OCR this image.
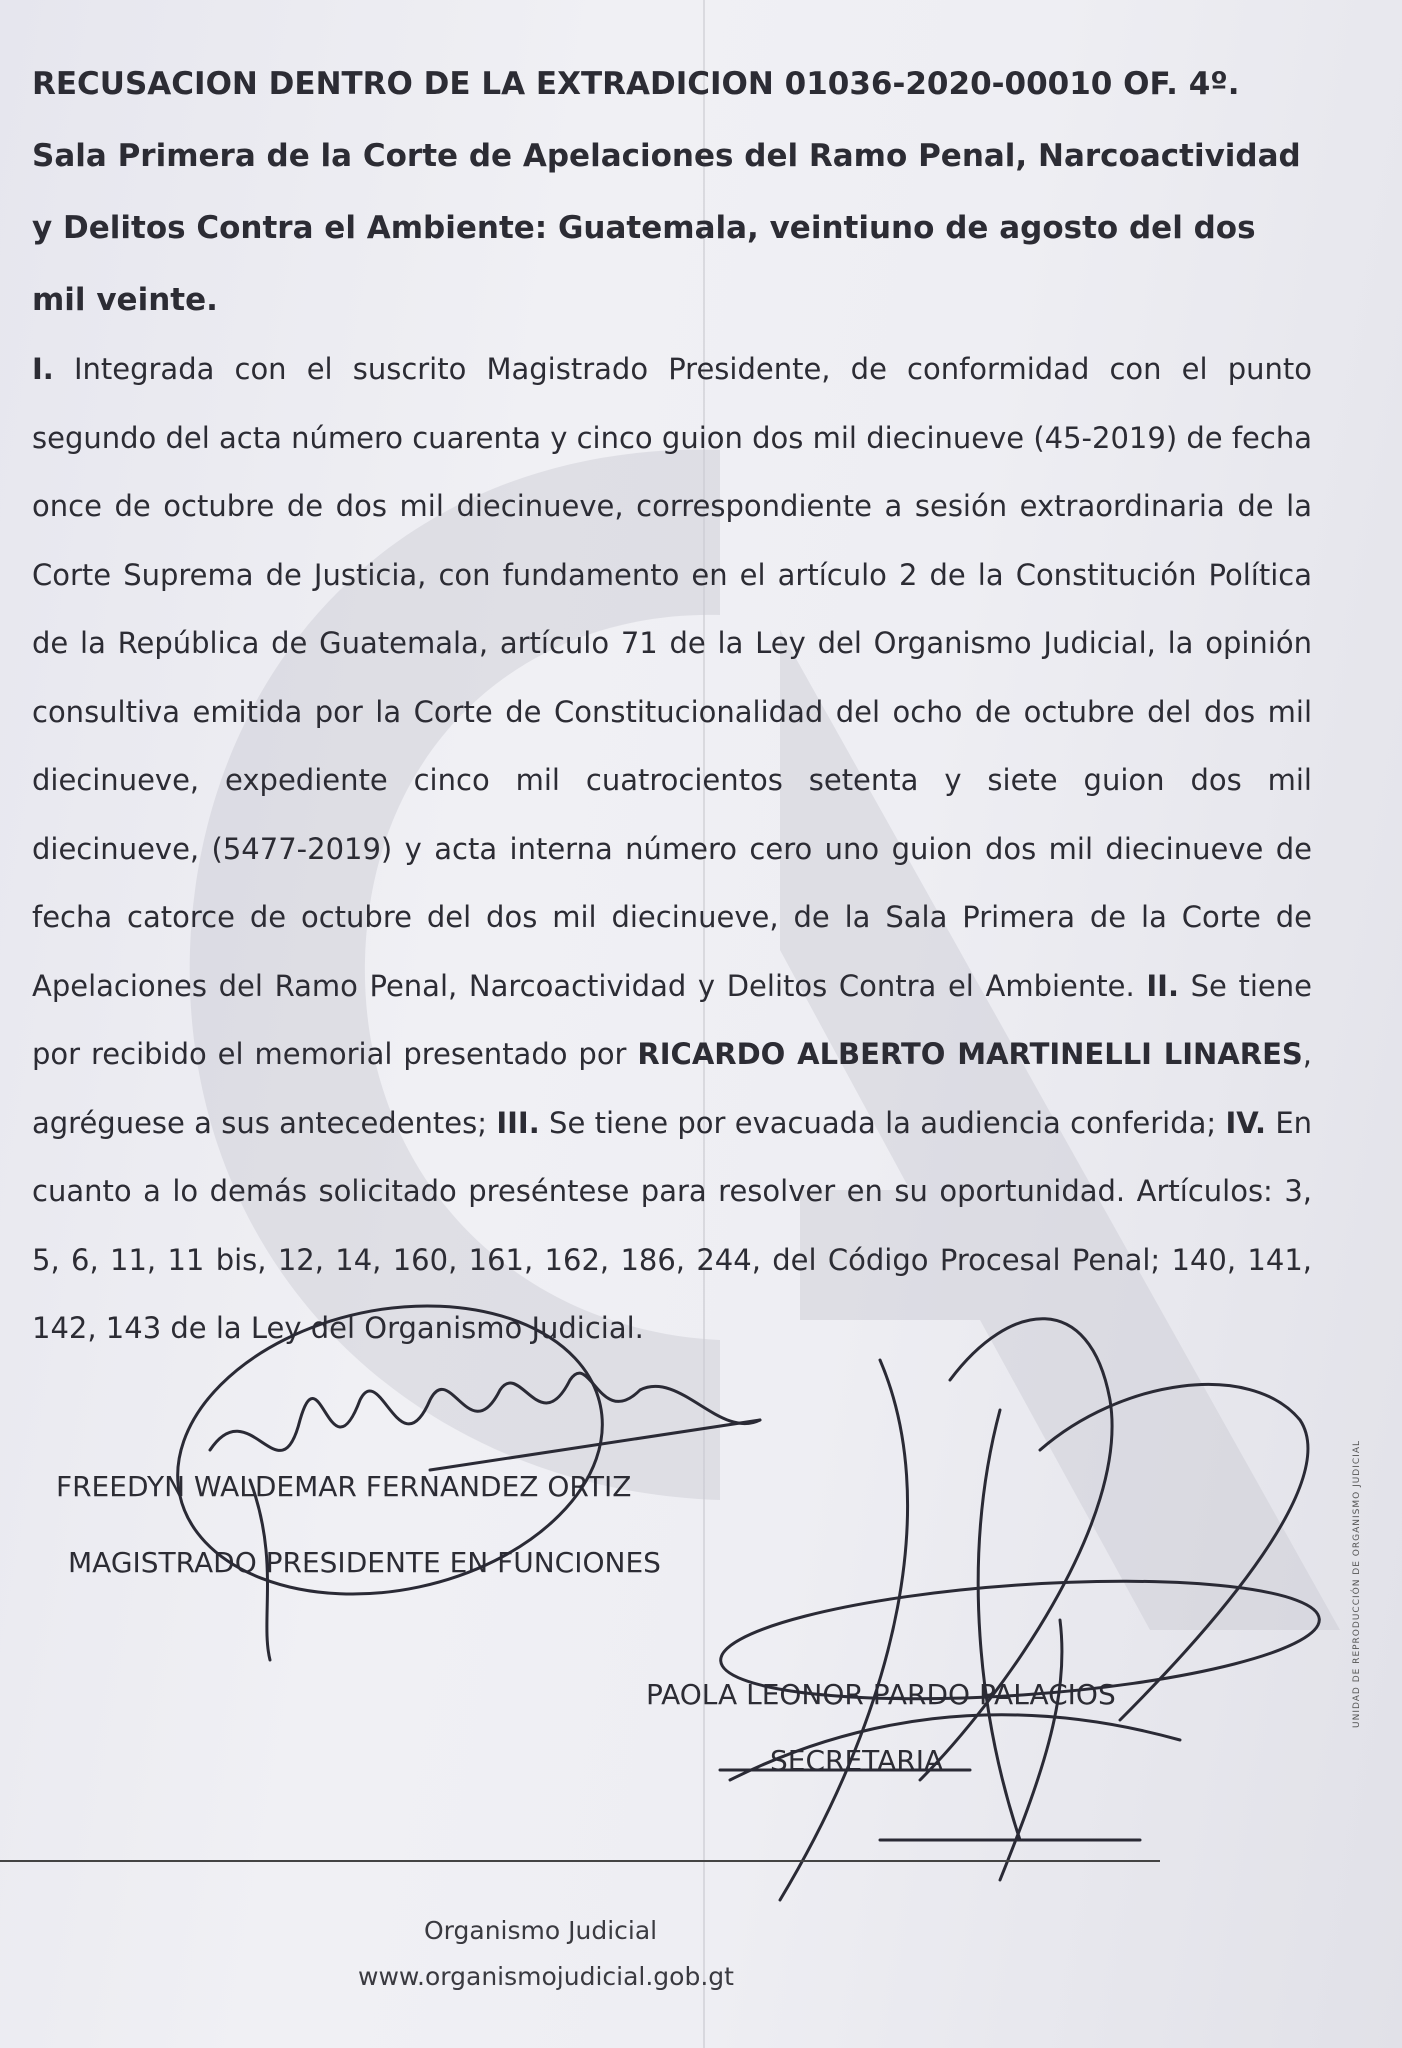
RECUSACION DENTRO DE LA EXTRADICION 01036-2020-00010 OF. 4º.
Sala Primera de la Corte de Apelaciones del Ramo Penal, Narcoactividad y Delitos Contra el Ambiente: Guatemala, veintiuno de agosto del dos mil veinte.
I. Integrada con el suscrito Magistrado Presidente, de conformidad con el punto segundo del acta número cuarenta y cinco guion dos mil diecinueve (45-2019) de fecha once de octubre de dos mil diecinueve, correspondiente a sesión extraordinaria de la Corte Suprema de Justicia, con fundamento en el artículo 2 de la Constitución Política de la República de Guatemala, artículo 71 de la Ley del Organismo Judicial, la opinión consultiva emitida por la Corte de Constitucionalidad del ocho de octubre del dos mil diecinueve, expediente cinco mil cuatrocientos setenta y siete guion dos mil diecinueve, (5477-2019) y acta interna número cero uno guion dos mil diecinueve de fecha catorce de octubre del dos mil diecinueve, de la Sala Primera de la Corte de Apelaciones del Ramo Penal, Narcoactividad y Delitos Contra el Ambiente. II. Se tiene por recibido el memorial presentado por RICARDO ALBERTO MARTINELLI LINARES, agréguese a sus antecedentes; III. Se tiene por evacuada la audiencia conferida; IV. En cuanto a lo demás solicitado preséntese para resolver en su oportunidad. Artículos: 3, 5, 6, 11, 11 bis, 12, 14, 160, 161, 162, 186, 244, del Código Procesal Penal; 140, 141, 142, 143 de la Ley del Organismo Judicial.
FREEDYN WALDEMAR FERNANDEZ ORTIZ
MAGISTRADO PRESIDENTE EN FUNCIONES
PAOLA LEONOR PARDO PALACIOS
SECRETARIA
Organismo Judicial
www.organismojudicial.gob.gt
UNIDAD DE REPRODUCCIÓN DE ORGANISMO JUDICIAL
